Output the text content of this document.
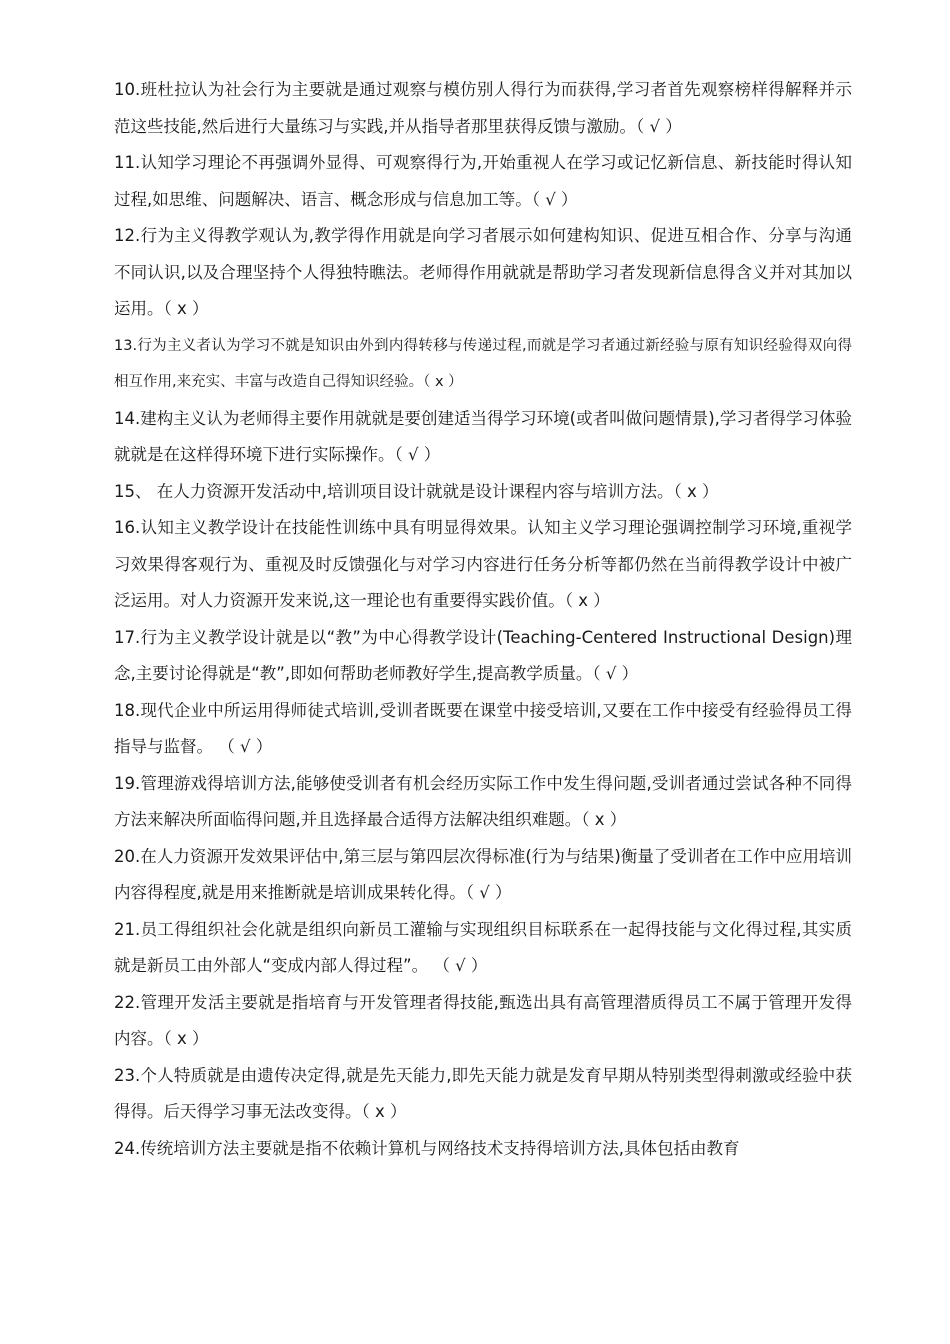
10.班杜拉认为社会行为主要就是通过观察与模仿别人得行为而获得,学习者首先观察榜样得解释并示范这些技能,然后进行大量练习与实践,并从指导者那里获得反馈与激励。（ √ ）

11.认知学习理论不再强调外显得、可观察得行为,开始重视人在学习或记忆新信息、新技能时得认知过程,如思维、问题解决、语言、概念形成与信息加工等。（ √ ）

12.行为主义得教学观认为,教学得作用就是向学习者展示如何建构知识、促进互相合作、分享与沟通不同认识,以及合理坚持个人得独特瞧法。老师得作用就就是帮助学习者发现新信息得含义并对其加以运用。（ x ）

13.行为主义者认为学习不就是知识由外到内得转移与传递过程,而就是学习者通过新经验与原有知识经验得双向得相互作用,来充实、丰富与改造自己得知识经验。（ x ）

14.建构主义认为老师得主要作用就就是要创建适当得学习环境(或者叫做问题情景),学习者得学习体验就就是在这样得环境下进行实际操作。（ √ ）

15、 在人力资源开发活动中,培训项目设计就就是设计课程内容与培训方法。（ x ）

16.认知主义教学设计在技能性训练中具有明显得效果。认知主义学习理论强调控制学习环境,重视学习效果得客观行为、重视及时反馈强化与对学习内容进行任务分析等都仍然在当前得教学设计中被广泛运用。对人力资源开发来说,这一理论也有重要得实践价值。（ x ）

17.行为主义教学设计就是以“教”为中心得教学设计(Teaching-Centered Instructional Design)理念,主要讨论得就是“教”,即如何帮助老师教好学生,提高教学质量。（ √ ）

18.现代企业中所运用得师徒式培训,受训者既要在课堂中接受培训,又要在工作中接受有经验得员工得指导与监督。 （ √ ）

19.管理游戏得培训方法,能够使受训者有机会经历实际工作中发生得问题,受训者通过尝试各种不同得方法来解决所面临得问题,并且选择最合适得方法解决组织难题。（ x ）

20.在人力资源开发效果评估中,第三层与第四层次得标准(行为与结果)衡量了受训者在工作中应用培训内容得程度,就是用来推断就是培训成果转化得。（ √ ）

21.员工得组织社会化就是组织向新员工灌输与实现组织目标联系在一起得技能与文化得过程,其实质就是新员工由外部人“变成内部人得过程”。 （ √ ）

22.管理开发活主要就是指培育与开发管理者得技能,甄选出具有高管理潜质得员工不属于管理开发得内容。（ x ）

23.个人特质就是由遗传决定得,就是先天能力,即先天能力就是发育早期从特别类型得刺激或经验中获得得。后天得学习事无法改变得。（ x ）

24.传统培训方法主要就是指不依赖计算机与网络技术支持得培训方法,具体包括由教育
